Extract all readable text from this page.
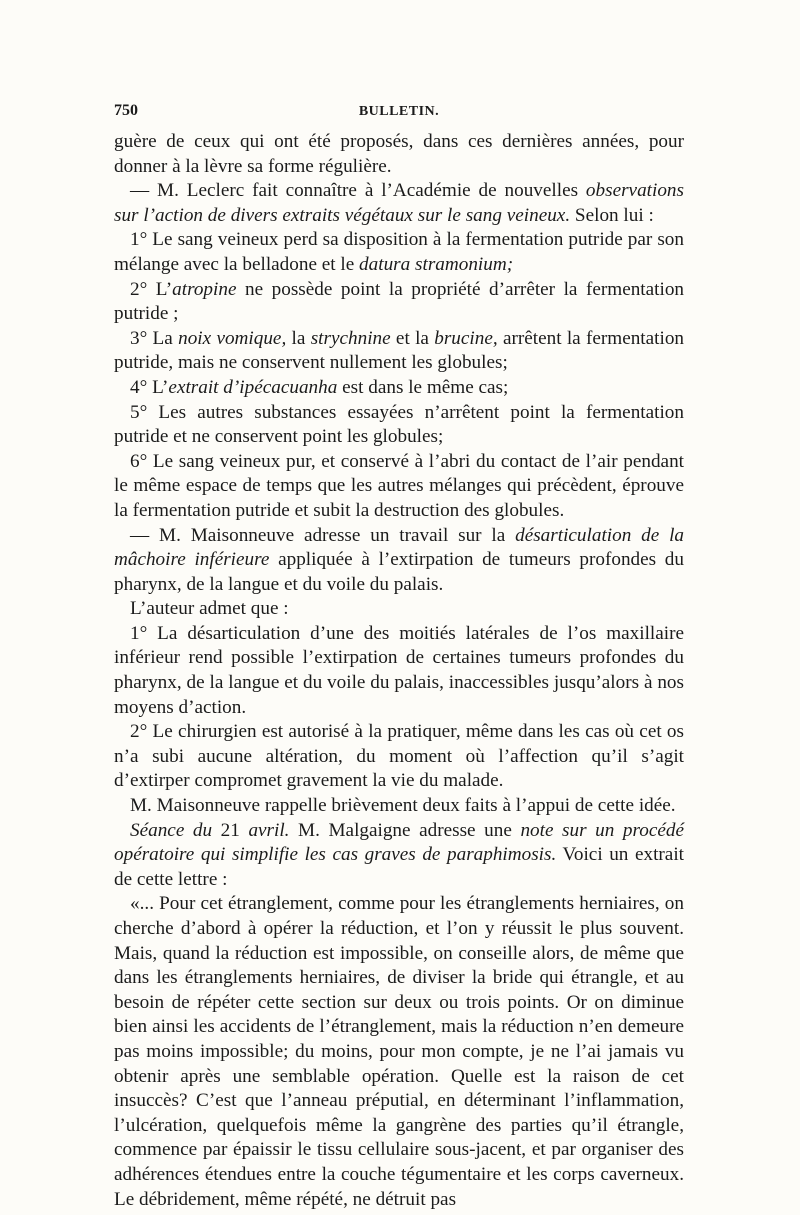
750	BULLETIN.

guère de ceux qui ont été proposés, dans ces dernières années, pour donner à la lèvre sa forme régulière.

— M. Leclerc fait connaître à l’Académie de nouvelles observations sur l’action de divers extraits végétaux sur le sang veineux. Selon lui :

1° Le sang veineux perd sa disposition à la fermentation putride par son mélange avec la belladone et le datura stramonium;

2° L’atropine ne possède point la propriété d’arrêter la fermentation putride ;

3° La noix vomique, la strychnine et la brucine, arrêtent la fermentation putride, mais ne conservent nullement les globules;

4° L’extrait d’ipécacuanha est dans le même cas;

5° Les autres substances essayées n’arrêtent point la fermentation putride et ne conservent point les globules;

6° Le sang veineux pur, et conservé à l’abri du contact de l’air pendant le même espace de temps que les autres mélanges qui précèdent, éprouve la fermentation putride et subit la destruction des globules.

— M. Maisonneuve adresse un travail sur la désarticulation de la mâchoire inférieure appliquée à l’extirpation de tumeurs profondes du pharynx, de la langue et du voile du palais.

L’auteur admet que :

1° La désarticulation d’une des moitiés latérales de l’os maxillaire inférieur rend possible l’extirpation de certaines tumeurs profondes du pharynx, de la langue et du voile du palais, inaccessibles jusqu’alors à nos moyens d’action.

2° Le chirurgien est autorisé à la pratiquer, même dans les cas où cet os n’a subi aucune altération, du moment où l’affection qu’il s’agit d’extirper compromet gravement la vie du malade.

M. Maisonneuve rappelle brièvement deux faits à l’appui de cette idée.

Séance du 21 avril. M. Malgaigne adresse une note sur un procédé opératoire qui simplifie les cas graves de paraphimosis. Voici un extrait de cette lettre :

«... Pour cet étranglement, comme pour les étranglements herniaires, on cherche d’abord à opérer la réduction, et l’on y réussit le plus souvent. Mais, quand la réduction est impossible, on conseille alors, de même que dans les étranglements herniaires, de diviser la bride qui étrangle, et au besoin de répéter cette section sur deux ou trois points. Or on diminue bien ainsi les accidents de l’étranglement, mais la réduction n’en demeure pas moins impossible; du moins, pour mon compte, je ne l’ai jamais vu obtenir après une semblable opération. Quelle est la raison de cet insuccès? C’est que l’anneau préputial, en déterminant l’inflammation, l’ulcération, quelquefois même la gangrène des parties qu’il étrangle, commence par épaissir le tissu cellulaire sous-jacent, et par organiser des adhérences étendues entre la couche tégumentaire et les corps caverneux. Le débridement, même répété, ne détruit pas
